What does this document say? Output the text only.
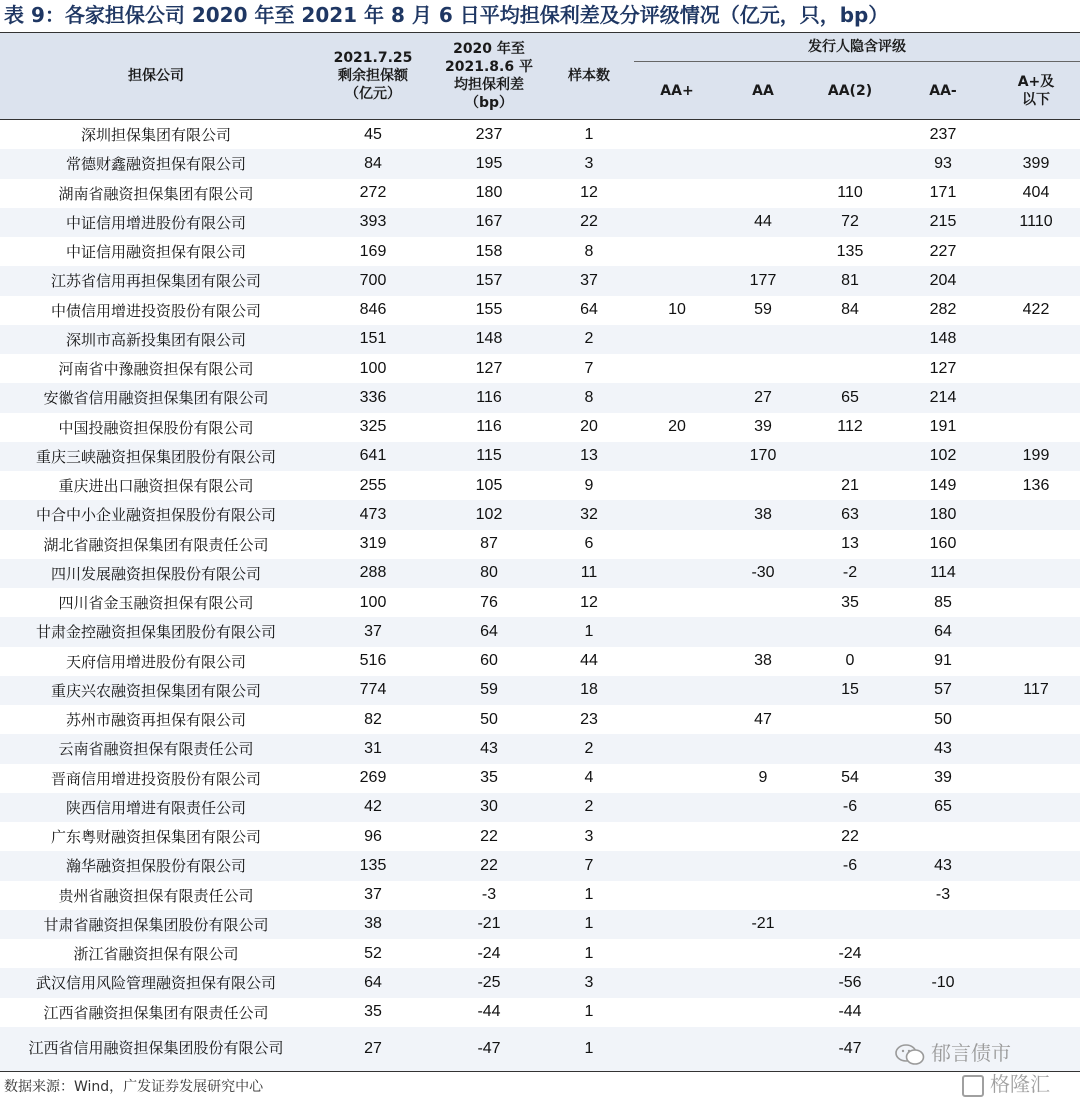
表 9：各家担保公司 2020 年至 2021 年 8 月 6 日平均担保利差及分评级情况（亿元，只，bp）
担保公司	2021.7.25 剩余担保额（亿元）	2020 年至 2021.8.6 平均担保利差（bp）	样本数	发行人隐含评级				
				AA+	AA	AA(2)	AA-	A+及以下

深圳担保集团有限公司	45	237	1				237	
常德财鑫融资担保有限公司	84	195	3				93	399
湖南省融资担保集团有限公司	272	180	12			110	171	404
中证信用增进股份有限公司	393	167	22		44	72	215	1110
中证信用融资担保有限公司	169	158	8			135	227	
江苏省信用再担保集团有限公司	700	157	37		177	81	204	
中债信用增进投资股份有限公司	846	155	64	10	59	84	282	422
深圳市高新投集团有限公司	151	148	2				148	
河南省中豫融资担保有限公司	100	127	7				127	
安徽省信用融资担保集团有限公司	336	116	8		27	65	214	
中国投融资担保股份有限公司	325	116	20	20	39	112	191	
重庆三峡融资担保集团股份有限公司	641	115	13		170		102	199
重庆进出口融资担保有限公司	255	105	9			21	149	136
中合中小企业融资担保股份有限公司	473	102	32		38	63	180	
湖北省融资担保集团有限责任公司	319	87	6			13	160	
四川发展融资担保股份有限公司	288	80	11		-30	-2	114	
四川省金玉融资担保有限公司	100	76	12			35	85	
甘肃金控融资担保集团股份有限公司	37	64	1				64	
天府信用增进股份有限公司	516	60	44		38	0	91	
重庆兴农融资担保集团有限公司	774	59	18			15	57	117
苏州市融资再担保有限公司	82	50	23		47		50	
云南省融资担保有限责任公司	31	43	2				43	
晋商信用增进投资股份有限公司	269	35	4		9	54	39	
陕西信用增进有限责任公司	42	30	2			-6	65	
广东粤财融资担保集团有限公司	96	22	3			22		
瀚华融资担保股份有限公司	135	22	7			-6	43	
贵州省融资担保有限责任公司	37	-3	1				-3	
甘肃省融资担保集团股份有限公司	38	-21	1		-21			
浙江省融资担保有限公司	52	-24	1			-24		
武汉信用风险管理融资担保有限公司	64	-25	3			-56	-10	
江西省融资担保集团有限责任公司	35	-44	1			-44		
江西省信用融资担保集团股份有限公司	27	-47	1			-47		
数据来源：Wind，广发证券发展研究中心
郁言债市
格隆汇
